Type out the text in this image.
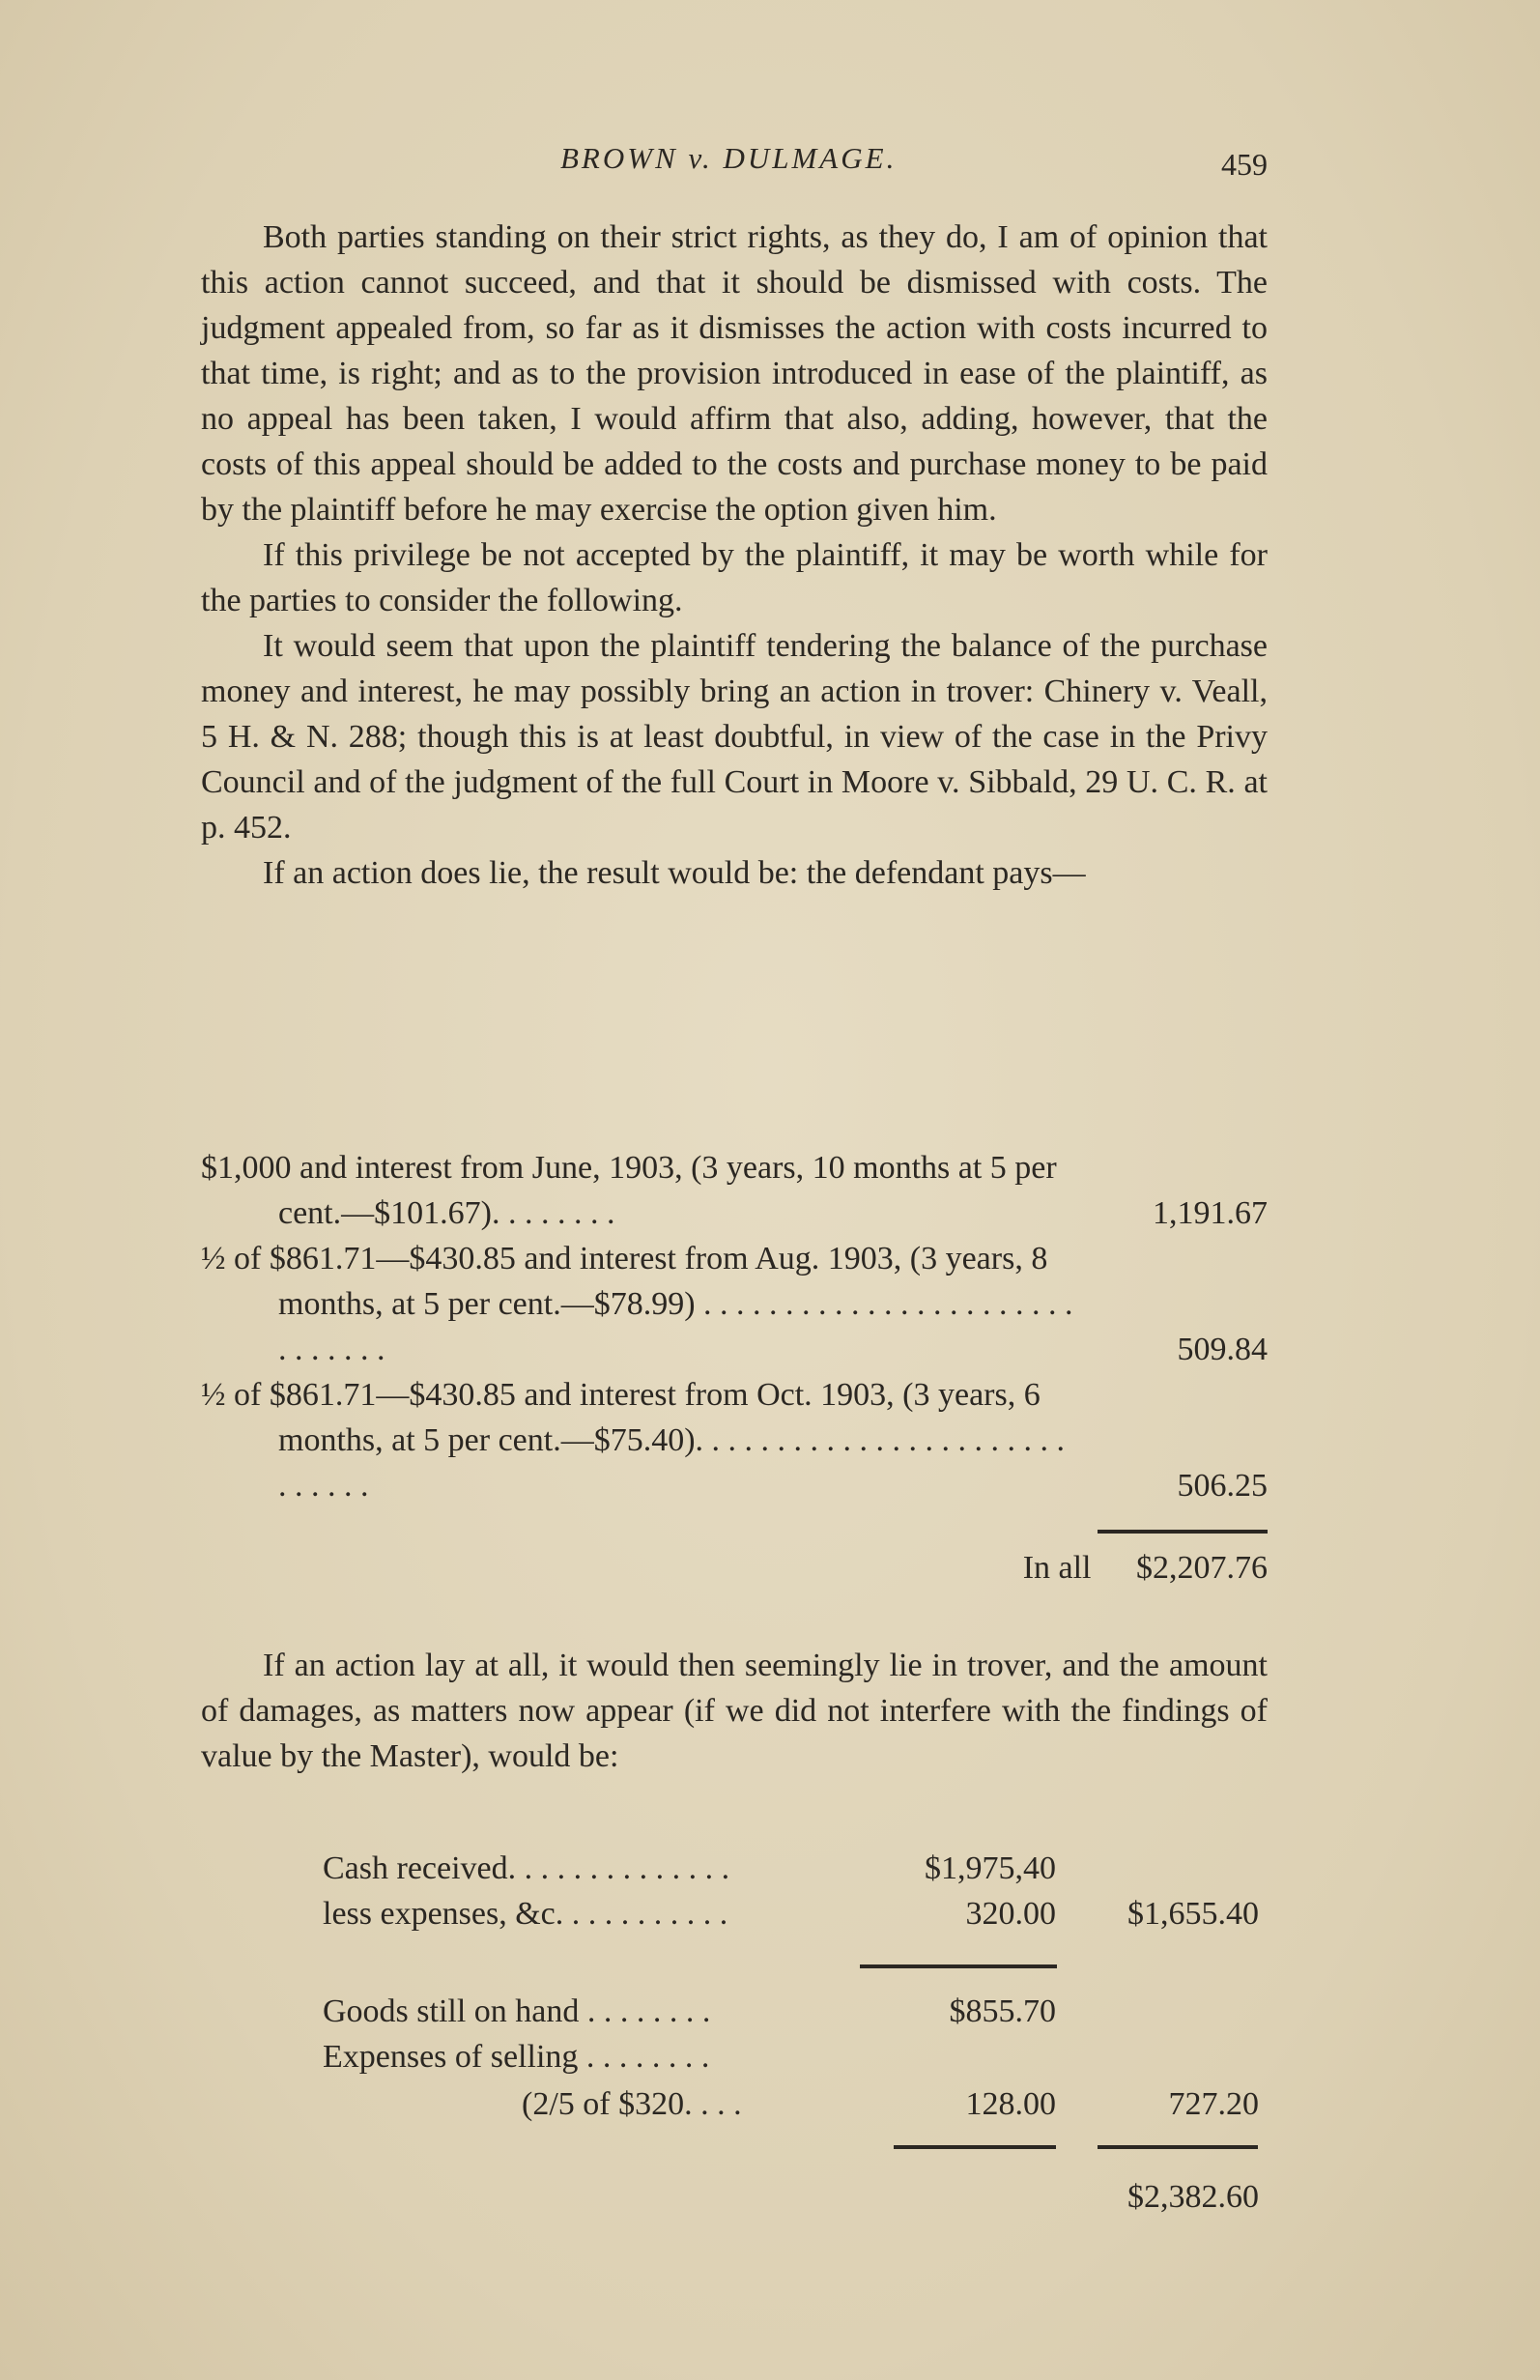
BROWN v. DULMAGE.	459

Both parties standing on their strict rights, as they do, I am of opinion that this action cannot succeed, and that it should be dismissed with costs. The judgment appealed from, so far as it dismisses the action with costs incurred to that time, is right; and as to the provision introduced in ease of the plaintiff, as no appeal has been taken, I would affirm that also, adding, however, that the costs of this appeal should be added to the costs and purchase money to be paid by the plaintiff before he may exercise the option given him.

If this privilege be not accepted by the plaintiff, it may be worth while for the parties to consider the following.

It would seem that upon the plaintiff tendering the balance of the purchase money and interest, he may possibly bring an action in trover: Chinery v. Veall, 5 H. & N. 288; though this is at least doubtful, in view of the case in the Privy Council and of the judgment of the full Court in Moore v. Sibbald, 29 U. C. R. at p. 452.

If an action does lie, the result would be: the defendant pays—

$1,000 and interest from June, 1903, (3 years, 10 months at 5 per cent.—$101.67). . . . . . . .	1,191.67
½ of $861.71—$430.85 and interest from Aug. 1903, (3 years, 8 months, at 5 per cent.—$78.99) . . . . . . . . . . . . . . . . . . . . . . . . . . . . . .	509.84
½ of $861.71—$430.85 and interest from Oct. 1903, (3 years, 6 months, at 5 per cent.—$75.40). . . . . . . . . . . . . . . . . . . . . . . . . . . . .	506.25
In all $2,207.76

If an action lay at all, it would then seemingly lie in trover, and the amount of damages, as matters now appear (if we did not interfere with the findings of value by the Master), would be:

Cash received. . . . . . . . . . . . . .	$1,975,40
less expenses, &c. . . . . . . . . . .	320.00 $1,655.40
Goods still on hand . . . . . . . .	$855.70
Expenses of selling . . . . . . . .
(2/5 of $320. . . .	128.00	727.20
$2,382.60
